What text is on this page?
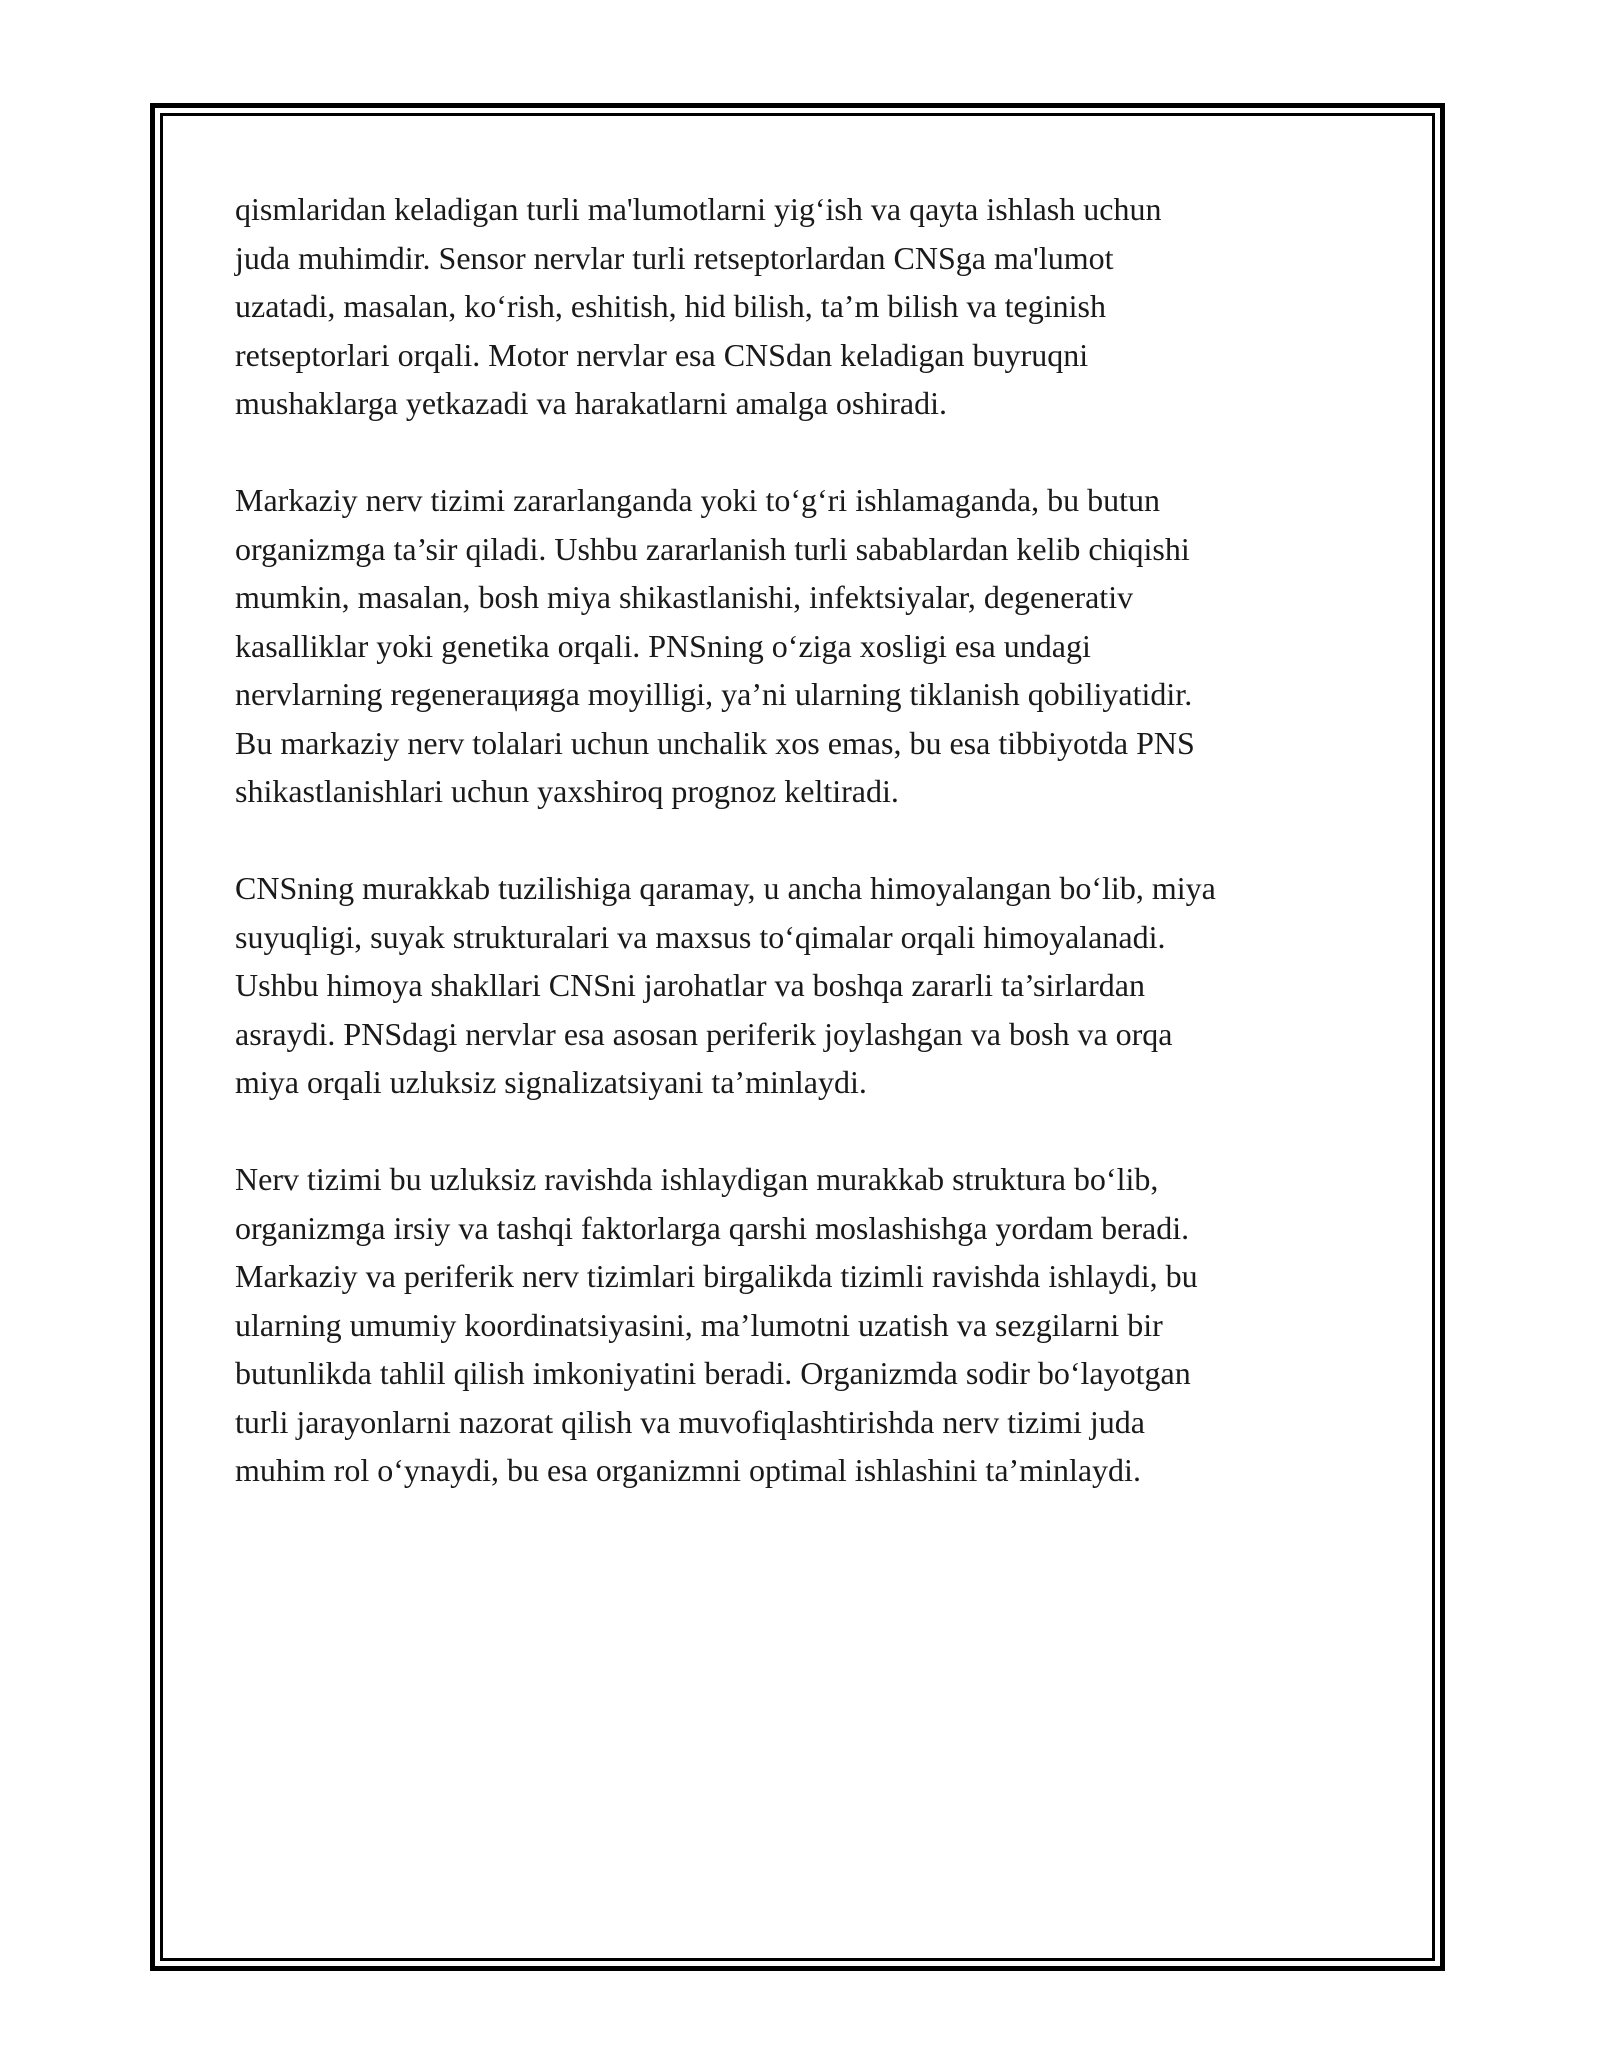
qismlaridan keladigan turli ma'lumotlarni yig‘ish va qayta ishlash uchun
juda muhimdir. Sensor nervlar turli retseptorlardan CNSga ma'lumot
uzatadi, masalan, ko‘rish, eshitish, hid bilish, ta’m bilish va teginish
retseptorlari orqali. Motor nervlar esa CNSdan keladigan buyruqni
mushaklarga yetkazadi va harakatlarni amalga oshiradi.

Markaziy nerv tizimi zararlanganda yoki to‘g‘ri ishlamaganda, bu butun
organizmga ta’sir qiladi. Ushbu zararlanish turli sabablardan kelib chiqishi
mumkin, masalan, bosh miya shikastlanishi, infektsiyalar, degenerativ
kasalliklar yoki genetika orqali. PNSning o‘ziga xosligi esa undagi
nervlarning regeneraцияga moyilligi, ya’ni ularning tiklanish qobiliyatidir.
Bu markaziy nerv tolalari uchun unchalik xos emas, bu esa tibbiyotda PNS
shikastlanishlari uchun yaxshiroq prognoz keltiradi.

CNSning murakkab tuzilishiga qaramay, u ancha himoyalangan bo‘lib, miya
suyuqligi, suyak strukturalari va maxsus to‘qimalar orqali himoyalanadi.
Ushbu himoya shakllari CNSni jarohatlar va boshqa zararli ta’sirlardan
asraydi. PNSdagi nervlar esa asosan periferik joylashgan va bosh va orqa
miya orqali uzluksiz signalizatsiyani ta’minlaydi.

Nerv tizimi bu uzluksiz ravishda ishlaydigan murakkab struktura bo‘lib,
organizmga irsiy va tashqi faktorlarga qarshi moslashishga yordam beradi.
Markaziy va periferik nerv tizimlari birgalikda tizimli ravishda ishlaydi, bu
ularning umumiy koordinatsiyasini, ma’lumotni uzatish va sezgilarni bir
butunlikda tahlil qilish imkoniyatini beradi. Organizmda sodir bo‘layotgan
turli jarayonlarni nazorat qilish va muvofiqlashtirishda nerv tizimi juda
muhim rol o‘ynaydi, bu esa organizmni optimal ishlashini ta’minlaydi.
